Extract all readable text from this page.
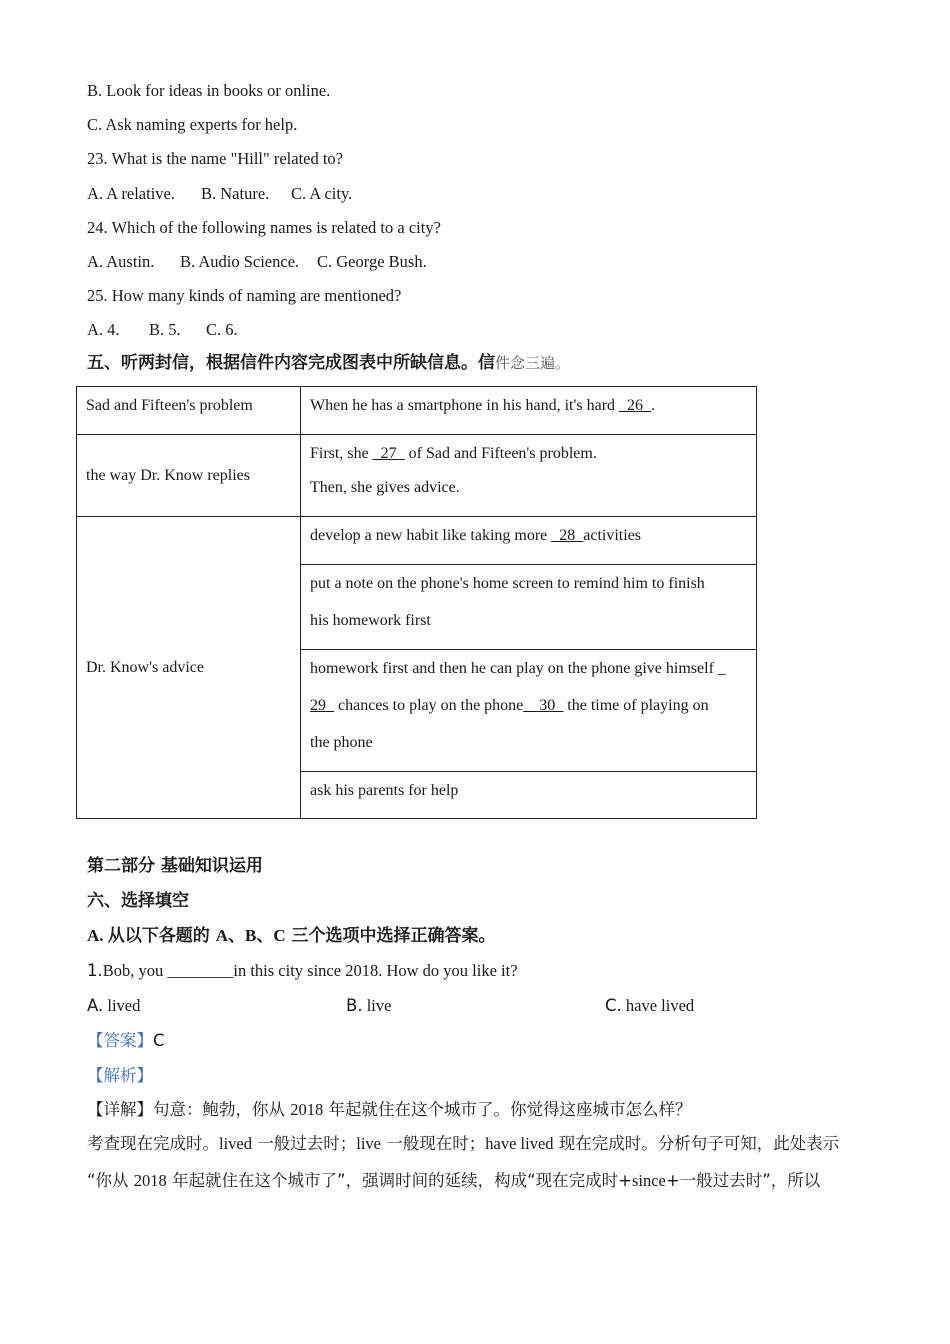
B. Look for ideas in books or online.
C. Ask naming experts for help.
23. What is the name "Hill" related to?
A. A relative. B. Nature. C. A city.
24. Which of the following names is related to a city?
A. Austin. B. Audio Science. C. George Bush.
25. How many kinds of naming are mentioned?
A. 4. B. 5. C. 6.
五、听两封信，根据信件内容完成图表中所缺信息。信件念三遍。
Sad and Fifteen's problem	When he has a smartphone in his hand, it's hard _26_.

the way Dr. Know replies	First, she _27_ of Sad and Fifteen's problem.
Then, she gives advice.

Dr. Know's advice	develop a new habit like taking more _28_activities

	put a note on the phone's home screen to remind him to finish
his homework first

	homework first and then he can play on the phone give himself _
29_ chances to play on the phone__30_ the time of playing on
the phone

	ask his parents for help
第二部分 基础知识运用
六、选择填空
A. 从以下各题的 A、B、C 三个选项中选择正确答案。
1.Bob, you ________in this city since 2018. How do you like it?
A. lived	B. live	C. have lived
【答案】C
【解析】
【详解】句意：鲍勃，你从 2018 年起就住在这个城市了。你觉得这座城市怎么样？
考查现在完成时。lived 一般过去时；live 一般现在时；have lived 现在完成时。分析句子可知，此处表示
“你从 2018 年起就住在这个城市了”，强调时间的延续，构成“现在完成时+since+一般过去时”，所以
